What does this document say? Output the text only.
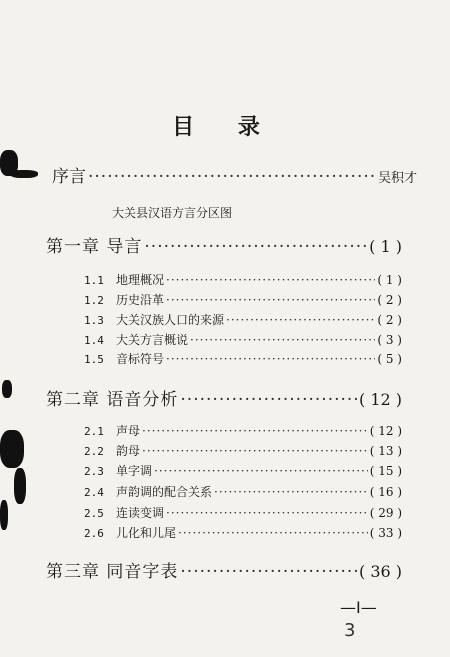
目 录
序言 ·····	吴积才
大关县汉语方言分区图
第一章 导言 ·····	( 1 )
1.1 地理概况 ·····	( 1 )
1.2 历史沿革 ·····	( 2 )
1.3 大关汉族人口的来源 ·····	( 2 )
1.4 大关方言概说 ·····	( 3 )
1.5 音标符号 ·····	( 5 )
第二章 语音分析 ·····	( 12 )
2.1 声母 ·····	( 12 )
2.2 韵母 ·····	( 13 )
2.3 单字调 ·····	( 15 )
2.4 声韵调的配合关系 ·····	( 16 )
2.5 连读变调 ·····	( 29 )
2.6 儿化和儿尾 ·····	( 33 )
第三章 同音字表 ·····	( 36 )
—I—
3
